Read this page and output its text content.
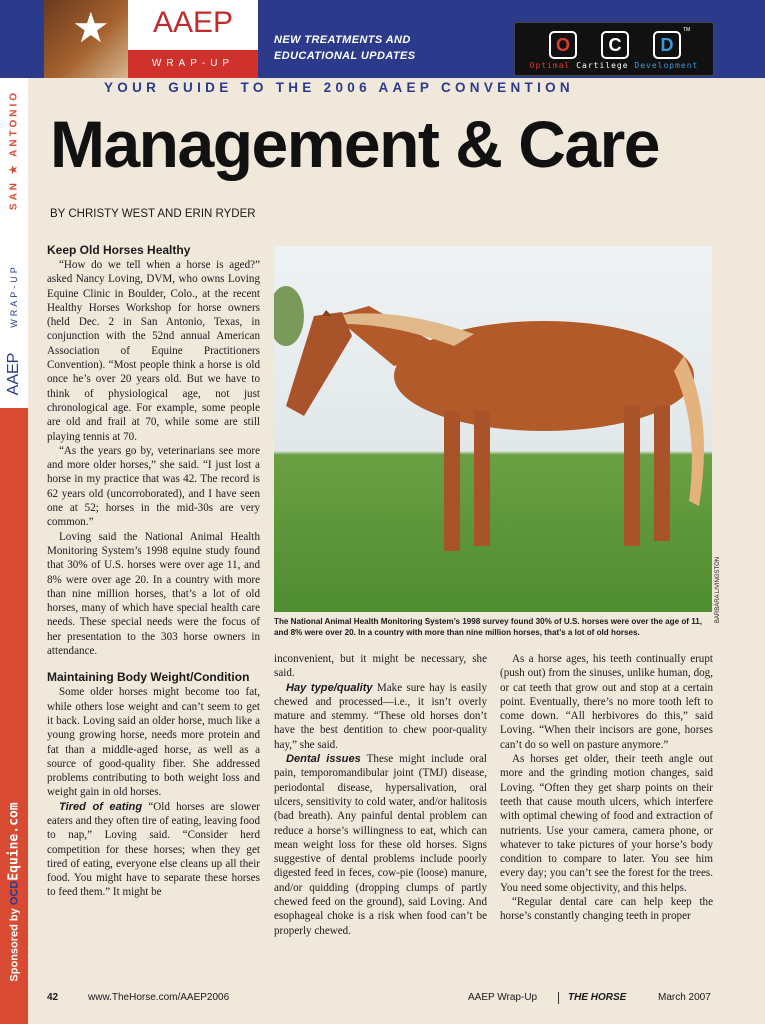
SAN ★ ANTONIO
WRAP-UP
AAEP
Sponsored by OCDEquine.com
★	AAEP
WRAP-UP
NEW TREATMENTS AND
EDUCATIONAL UPDATES
O	C	D
TM
Optimal Cartilege Development
YOUR GUIDE TO THE 2006 AAEP CONVENTION
Management & Care
BY CHRISTY WEST AND ERIN RYDER
Keep Old Horses Healthy

“How do we tell when a horse is aged?” asked Nancy Loving, DVM, who owns Loving Equine Clinic in Boulder, Colo., at the recent Healthy Horses Workshop for horse owners (held Dec. 2 in San Antonio, Texas, in conjunction with the 52nd annual American Association of Equine Practitioners Convention). “Most people think a horse is old once he’s over 20 years old. But we have to think of physiological age, not just chronological age. For example, some people are old and frail at 70, while some are still playing tennis at 70.

“As the years go by, veterinarians see more and more older horses,” she said. “I just lost a horse in my practice that was 42. The record is 62 years old (uncorroborated), and I have seen one at 52; horses in the mid-30s are very common.”

Loving said the National Animal Health Monitoring System’s 1998 equine study found that 30% of U.S. horses were over age 11, and 8% were over age 20. In a country with more than nine million horses, that’s a lot of old horses, many of which have special health care needs. These special needs were the focus of her presentation to the 303 horse owners in attendance.

Maintaining Body Weight/Condition

Some older horses might become too fat, while others lose weight and can’t seem to get it back. Loving said an older horse, much like a young growing horse, needs more protein and fat than a middle-aged horse, as well as a source of good-quality fiber. She addressed problems contributing to both weight loss and weight gain in old horses.

Tired of eating “Old horses are slower eaters and they often tire of eating, leaving food to nap,” Loving said. “Consider herd competition for these horses; when they get tired of eating, everyone else cleans up all their food. You might have to separate these horses to feed them.” It might be

BARBARA LIVINGSTON
The National Animal Health Monitoring System’s 1998 survey found 30% of U.S. horses were over the age of 11, and 8% were over 20. In a country with more than nine million horses, that’s a lot of old horses.

inconvenient, but it might be necessary, she said.

Hay type/quality Make sure hay is easily chewed and processed—i.e., it isn’t overly mature and stemmy. “These old horses don’t have the best dentition to chew poor-quality hay,” she said.

Dental issues These might include oral pain, temporomandibular joint (TMJ) disease, periodontal disease, hypersalivation, oral ulcers, sensitivity to cold water, and/or halitosis (bad breath). Any painful dental problem can reduce a horse’s willingness to eat, which can mean weight loss for these old horses. Signs suggestive of dental problems include poorly digested feed in feces, cow-pie (loose) manure, and/or quidding (dropping clumps of partly chewed feed on the ground), said Loving. And esophageal choke is a risk when food can’t be properly chewed.

As a horse ages, his teeth continually erupt (push out) from the sinuses, unlike human, dog, or cat teeth that grow out and stop at a certain point. Eventually, there’s no more tooth left to come down. “All herbivores do this,” said Loving. “When their incisors are gone, horses can’t do so well on pasture anymore.”

As horses get older, their teeth angle out more and the grinding motion changes, said Loving. “Often they get sharp points on their teeth that cause mouth ulcers, which interfere with optimal chewing of food and extraction of nutrients. Use your camera, camera phone, or whatever to take pictures of your horse’s body condition to compare to later. You see him every day; you can’t see the forest for the trees. You need some objectivity, and this helps.

“Regular dental care can help keep the horse’s constantly changing teeth in proper

42	www.TheHorse.com/AAEP2006	AAEP Wrap-Up	THE HORSE	March 2007
